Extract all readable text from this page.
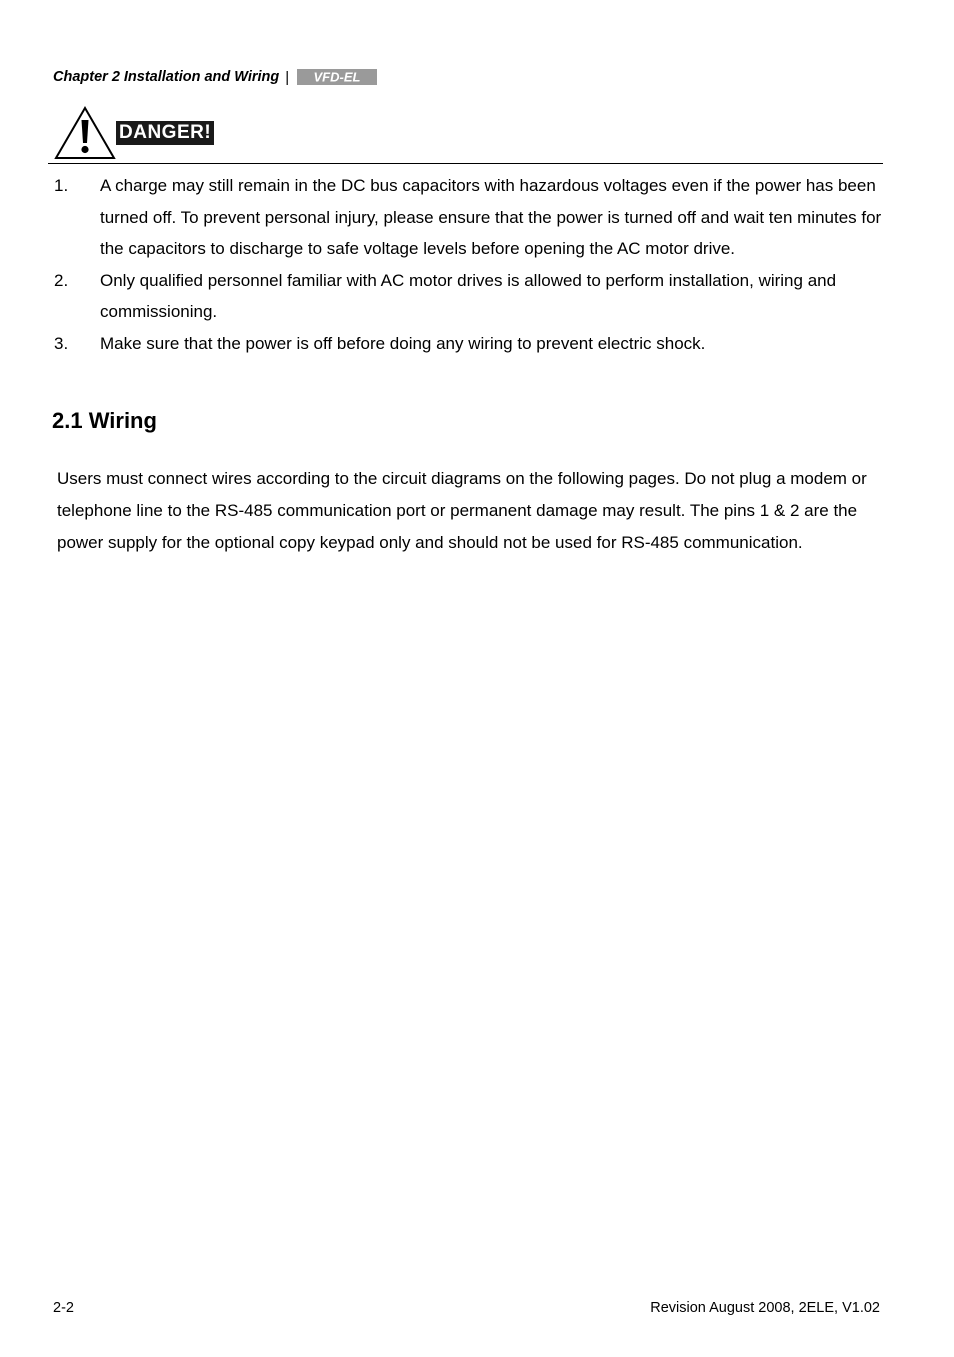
Chapter 2 Installation and Wiring | VFD-EL
DANGER!
1. A charge may still remain in the DC bus capacitors with hazardous voltages even if the power has been turned off. To prevent personal injury, please ensure that the power is turned off and wait ten minutes for the capacitors to discharge to safe voltage levels before opening the AC motor drive.
2. Only qualified personnel familiar with AC motor drives is allowed to perform installation, wiring and commissioning.
3. Make sure that the power is off before doing any wiring to prevent electric shock.
2.1 Wiring
Users must connect wires according to the circuit diagrams on the following pages. Do not plug a modem or telephone line to the RS-485 communication port or permanent damage may result. The pins 1 & 2 are the power supply for the optional copy keypad only and should not be used for RS-485 communication.
2-2	Revision August 2008, 2ELE, V1.02
